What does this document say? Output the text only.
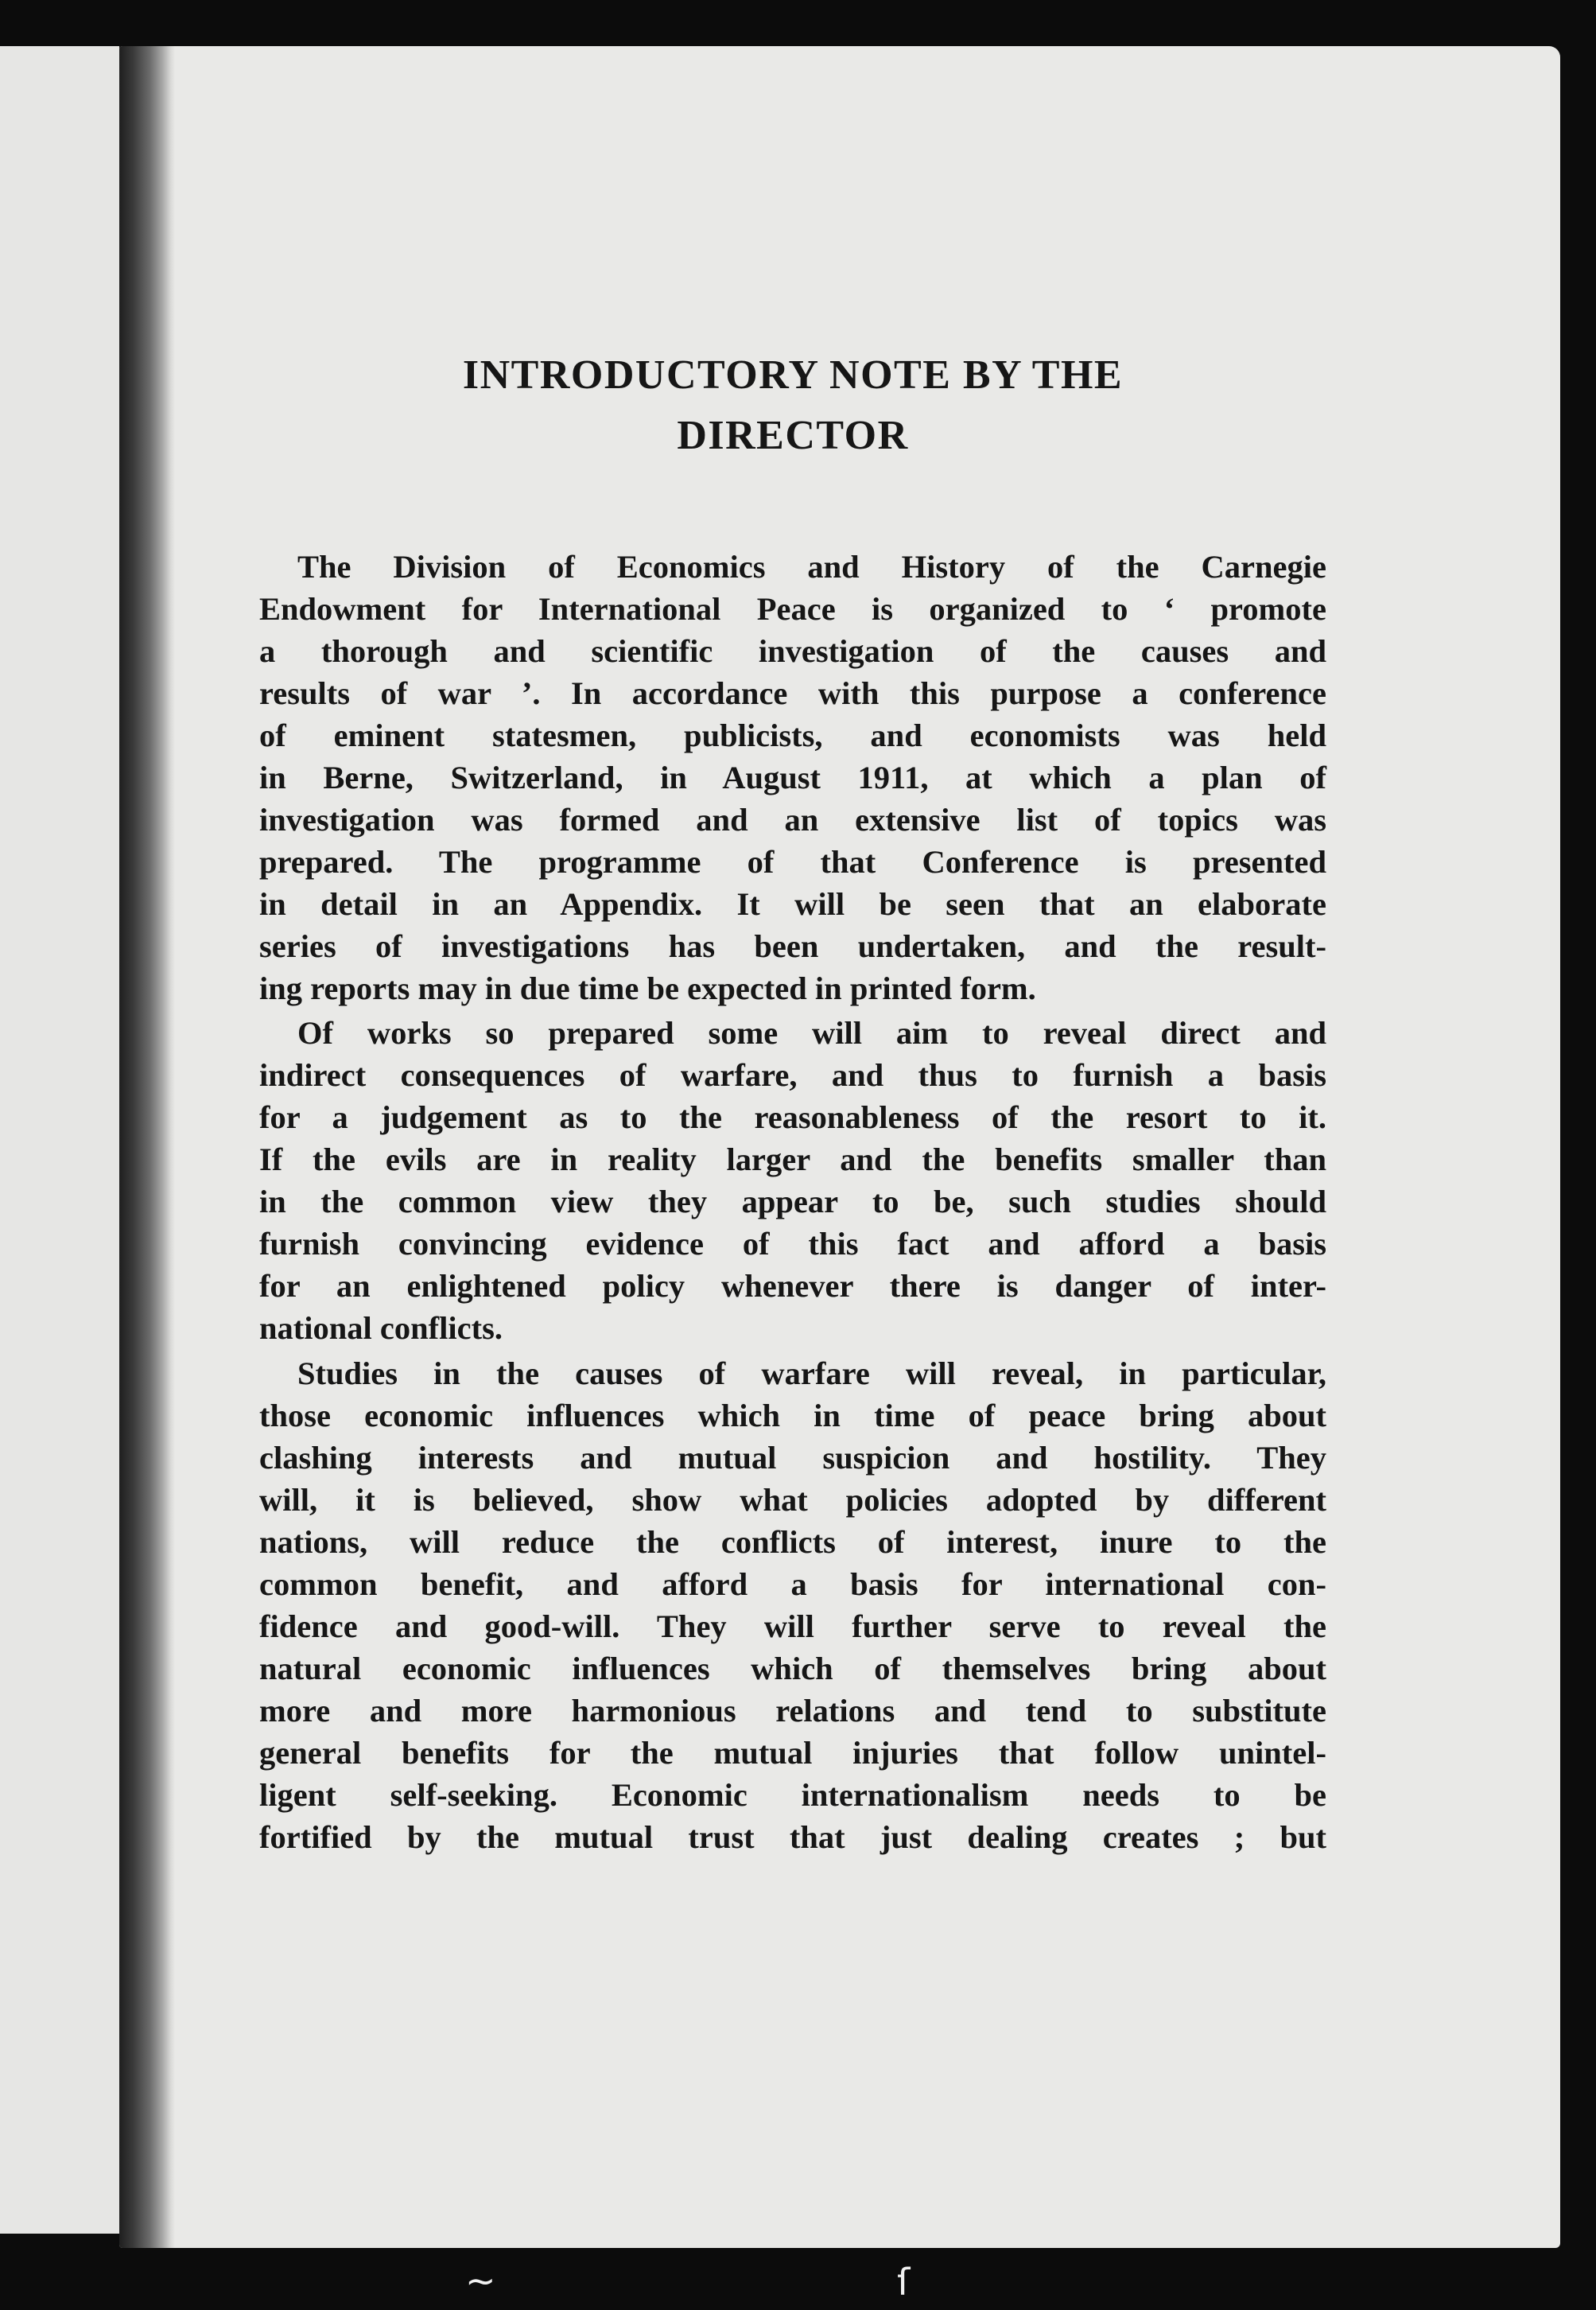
INTRODUCTORY NOTE BY THE
DIRECTOR
The Division of Economics and History of the Carnegie
Endowment for International Peace is organized to ‘ promote
a thorough and scientific investigation of the causes and
results of war ’. In accordance with this purpose a conference
of eminent statesmen, publicists, and economists was held
in Berne, Switzerland, in August 1911, at which a plan of
investigation was formed and an extensive list of topics was
prepared. The programme of that Conference is presented
in detail in an Appendix. It will be seen that an elaborate
series of investigations has been undertaken, and the result-
ing reports may in due time be expected in printed form.
Of works so prepared some will aim to reveal direct and
indirect consequences of warfare, and thus to furnish a basis
for a judgement as to the reasonableness of the resort to it.
If the evils are in reality larger and the benefits smaller than
in the common view they appear to be, such studies should
furnish convincing evidence of this fact and afford a basis
for an enlightened policy whenever there is danger of inter-
national conflicts.
Studies in the causes of warfare will reveal, in particular,
those economic influences which in time of peace bring about
clashing interests and mutual suspicion and hostility. They
will, it is believed, show what policies adopted by different
nations, will reduce the conflicts of interest, inure to the
common benefit, and afford a basis for international con-
fidence and good-will. They will further serve to reveal the
natural economic influences which of themselves bring about
more and more harmonious relations and tend to substitute
general benefits for the mutual injuries that follow unintel-
ligent self-seeking. Economic internationalism needs to be
fortified by the mutual trust that just dealing creates ; but
~	ſ
